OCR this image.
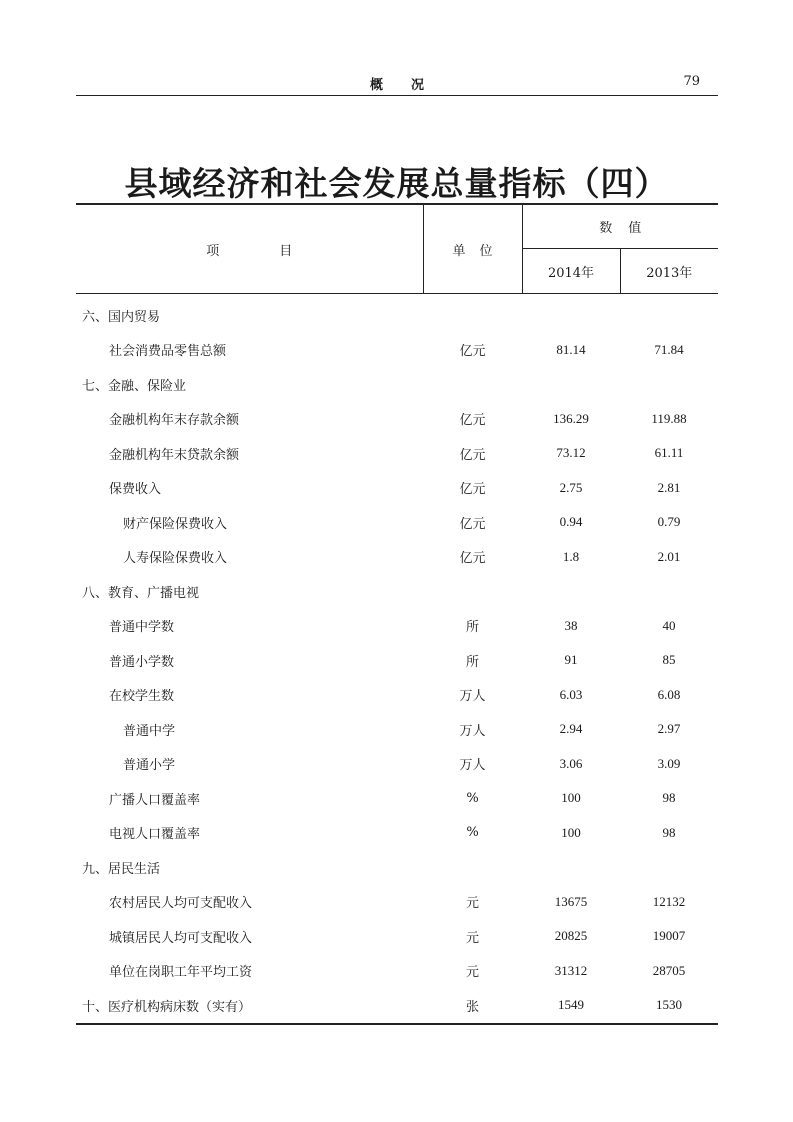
概况	79
县域经济和社会发展总量指标（四）
项目	单位	数值	
		2014年	2013年
六、国内贸易			
社会消费品零售总额	亿元	81.14	71.84
七、金融、保险业			
金融机构年末存款余额	亿元	136.29	119.88
金融机构年末贷款余额	亿元	73.12	61.11
保费收入	亿元	2.75	2.81
财产保险保费收入	亿元	0.94	0.79
人寿保险保费收入	亿元	1.8	2.01
八、教育、广播电视			
普通中学数	所	38	40
普通小学数	所	91	85
在校学生数	万人	6.03	6.08
普通中学	万人	2.94	2.97
普通小学	万人	3.06	3.09
广播人口覆盖率	%	100	98
电视人口覆盖率	%	100	98
九、居民生活			
农村居民人均可支配收入	元	13675	12132
城镇居民人均可支配收入	元	20825	19007
单位在岗职工年平均工资	元	31312	28705
十、医疗机构病床数（实有）	张	1549	1530
